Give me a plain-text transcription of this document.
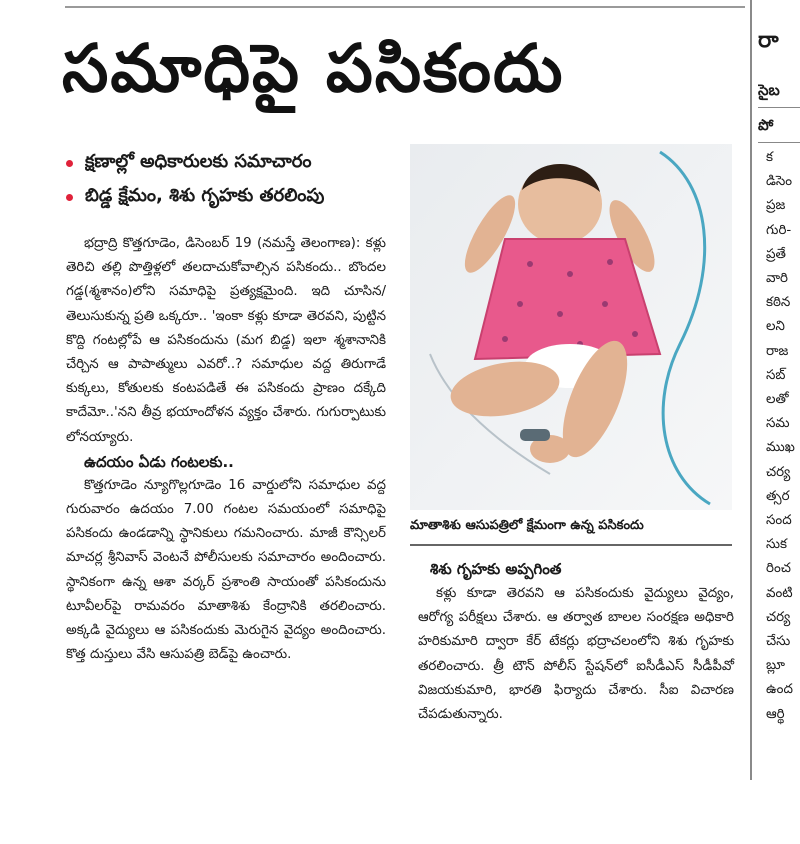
సమాధిపై పసికందు
క్షణాల్లో అధికారులకు సమాచారం
బిడ్డ క్షేమం, శిశు గృహకు తరలింపు

భద్రాద్రి కొత్తగూడెం, డిసెంబర్ 19 (నమస్తే తెలంగాణ): కళ్లు తెరిచి తల్లి పొత్తిళ్లలో తలదాచుకోవాల్సిన పసికందు.. బొందల గడ్డ(శ్మశానం)లోని సమాధిపై ప్రత్యక్షమైంది. ఇది చూసిన/తెలుసుకున్న ప్రతి ఒక్కరూ.. 'ఇంకా కళ్లు కూడా తెరవని, పుట్టిన కొద్ది గంటల్లోపే ఆ పసికందును (మగ బిడ్డ) ఇలా శ్మశానానికి చేర్చిన ఆ పాపాత్ములు ఎవరో..? సమాధుల వద్ద తిరుగాడే కుక్కలు, కోతులకు కంటపడితే ఈ పసికందు ప్రాణం దక్కేది కాదేమో..'నని తీవ్ర భయాందోళన వ్యక్తం చేశారు. గుగుర్పాటుకు లోనయ్యారు.

ఉదయం ఏడు గంటలకు..

కొత్తగూడెం న్యూగొల్లగూడెం 16 వార్డులోని సమాధుల వద్ద గురువారం ఉదయం 7.00 గంటల సమయంలో సమాధిపై పసికందు ఉండడాన్ని స్థానికులు గమనించారు. మాజీ కౌన్సిలర్ మాచర్ల శ్రీనివాస్ వెంటనే పోలీసులకు సమాచారం అందించారు. స్థానికంగా ఉన్న ఆశా వర్కర్ ప్రశాంతి సాయంతో పసికందును టూవీలర్‌పై రామవరం మాతాశిశు కేంద్రానికి తరలించారు. అక్కడి వైద్యులు ఆ పసికందుకు మెరుగైన వైద్యం అందించారు. కొత్త దుస్తులు వేసి ఆసుపత్రి బెడ్‌పై ఉంచారు.

మాతాశిశు ఆసుపత్రిలో క్షేమంగా ఉన్న పసికందు

శిశు గృహకు అప్పగింత

కళ్లు కూడా తెరవని ఆ పసికందుకు వైద్యులు వైద్యం, ఆరోగ్య పరీక్షలు చేశారు. ఆ తర్వాత బాలల సంరక్షణ అధికారి హరికుమారి ద్వారా కేర్ టేకర్లు భద్రాచలంలోని శిశు గృహకు తరలించారు. త్రీ టౌన్ పోలీస్ స్టేషన్‌లో ఐసీడీఎస్ సీడీపీవో విజయకుమారి, భారతి ఫిర్యాదు చేశారు. సీఐ విచారణ చేపడుతున్నారు.

రా
సైబ
పో
క
డిసెం
ప్రజ
గురి-
ప్రతే
వారి
కఠిన
లని
రాజ
సబ్
లతో
సమ
ముఖ
చర్య
త్సర
సంద
సుక
రించ
వంటి
చర్య
చేసు
బ్లూ
ఉంద
ఆర్థి
